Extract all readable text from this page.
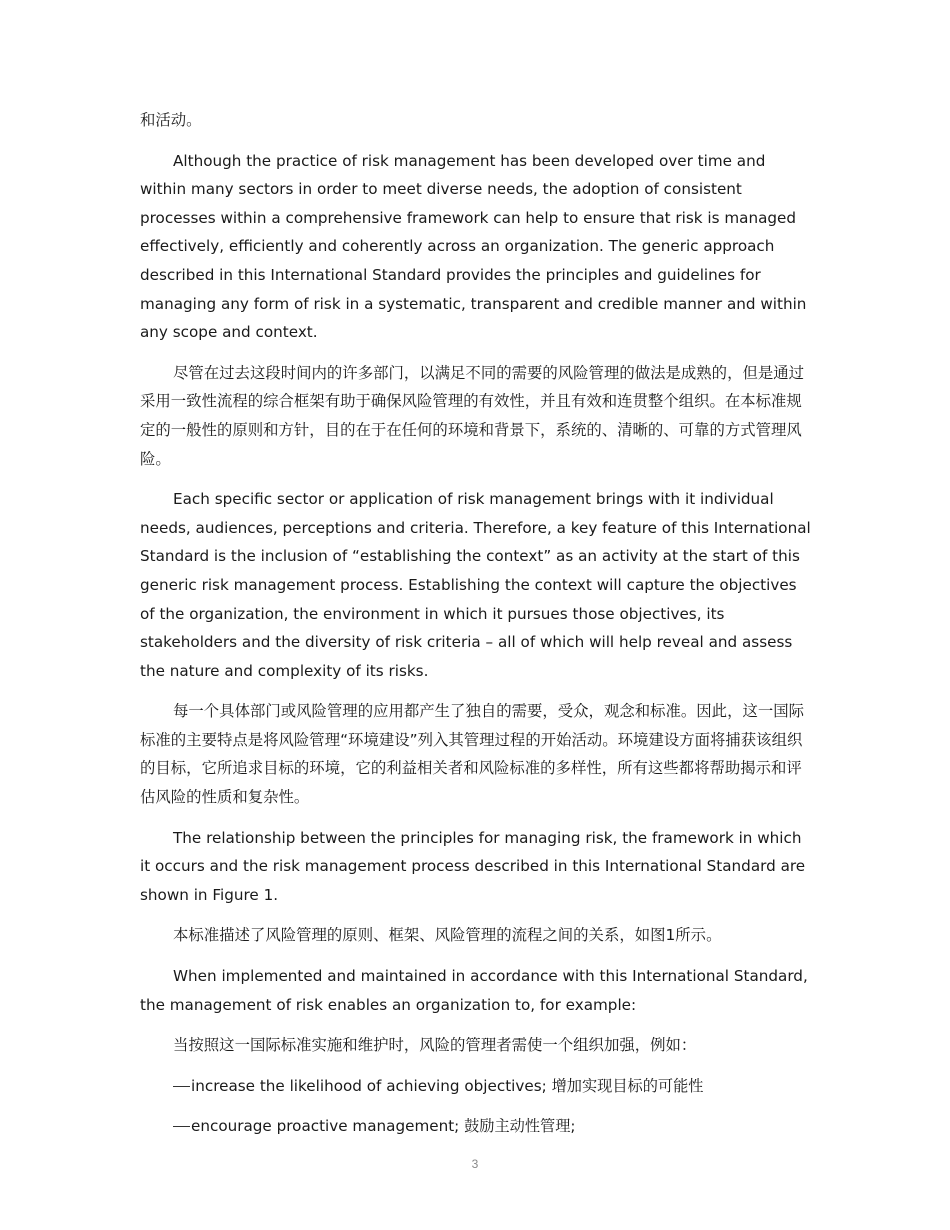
和活动。

Although the practice of risk management has been developed over time and within many sectors in order to meet diverse needs, the adoption of consistent processes within a comprehensive framework can help to ensure that risk is managed effectively, efficiently and coherently across an organization. The generic approach described in this International Standard provides the principles and guidelines for managing any form of risk in a systematic, transparent and credible manner and within any scope and context.

尽管在过去这段时间内的许多部门，以满足不同的需要的风险管理的做法是成熟的，但是通过采用一致性流程的综合框架有助于确保风险管理的有效性，并且有效和连贯整个组织。在本标准规定的一般性的原则和方针，目的在于在任何的环境和背景下，系统的、清晰的、可靠的方式管理风险。

Each specific sector or application of risk management brings with it individual needs, audiences, perceptions and criteria. Therefore, a key feature of this International Standard is the inclusion of “establishing the context” as an activity at the start of this generic risk management process. Establishing the context will capture the objectives of the organization, the environment in which it pursues those objectives, its stakeholders and the diversity of risk criteria – all of which will help reveal and assess the nature and complexity of its risks.

每一个具体部门或风险管理的应用都产生了独自的需要，受众，观念和标准。因此，这一国际标准的主要特点是将风险管理“环境建设”列入其管理过程的开始活动。环境建设方面将捕获该组织的目标，它所追求目标的环境，它的利益相关者和风险标准的多样性，所有这些都将帮助揭示和评估风险的性质和复杂性。

The relationship between the principles for managing risk, the framework in which it occurs and the risk management process described in this International Standard are shown in Figure 1.

本标准描述了风险管理的原则、框架、风险管理的流程之间的关系，如图1所示。

When implemented and maintained in accordance with this International Standard, the management of risk enables an organization to, for example:

当按照这一国际标准实施和维护时，风险的管理者需使一个组织加强，例如：

increase the likelihood of achieving objectives; 增加实现目标的可能性
encourage proactive management; 鼓励主动性管理;
3
